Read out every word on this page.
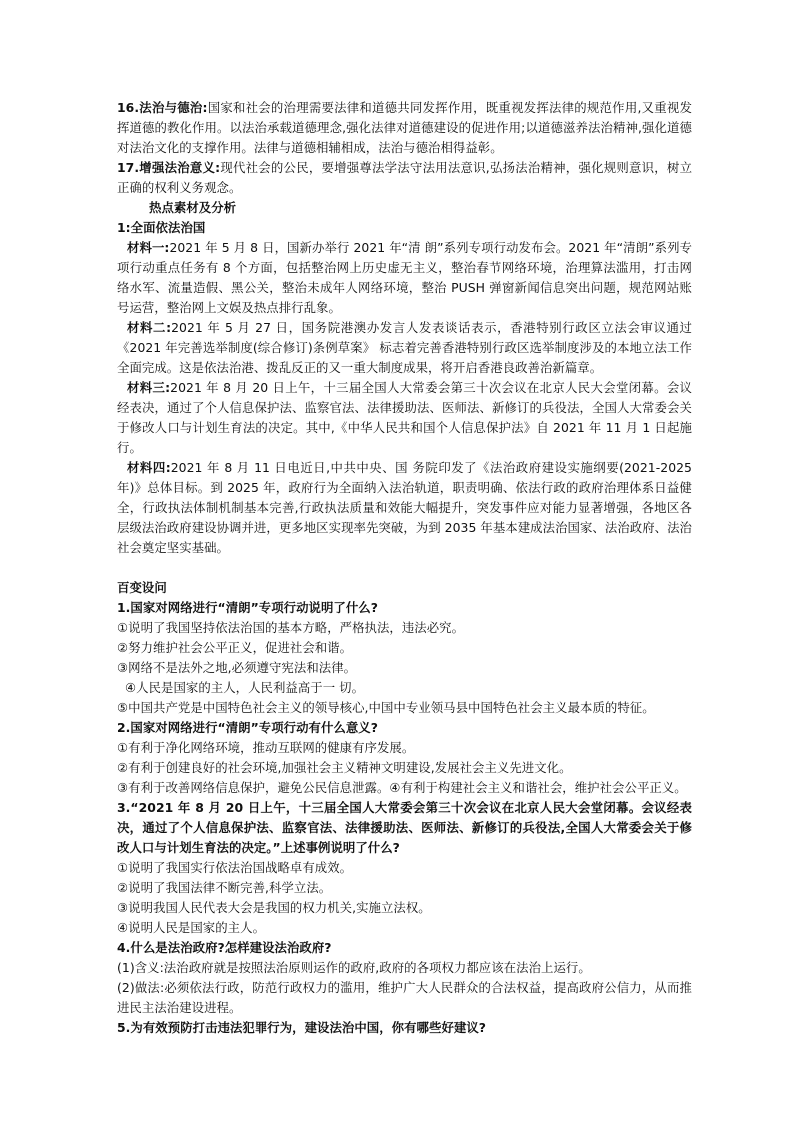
16.法治与德治:国家和社会的治理需要法律和道德共同发挥作用，既重视发挥法律的规范作用,又重视发挥道德的教化作用。以法治承载道德理念,强化法律对道德建设的促进作用;以道德滋养法治精神,强化道德对法治文化的支撑作用。法律与道德相辅相成，法治与德治相得益彰。

17.增强法治意义:现代社会的公民，要增强尊法学法守法用法意识,弘扬法治精神，强化规则意识，树立正确的权利义务观念。

热点素材及分析

1:全面依法治国

材料一:2021 年 5 月 8 日，国新办举行 2021 年“清 朗”系列专项行动发布会。2021 年“清朗”系列专项行动重点任务有 8 个方面，包括整治网上历史虚无主义，整治春节网络环境，治理算法滥用，打击网络水军、流量造假、黑公关，整治未成年人网络环境，整治 PUSH 弹窗新闻信息突出问题，规范网站账号运营，整治网上文娱及热点排行乱象。

材料二:2021 年 5 月 27 日，国务院港澳办发言人发表谈话表示，香港特别行政区立法会审议通过《2021 年完善选举制度(综合修订)条例草案》 标志着完善香港特别行政区选举制度涉及的本地立法工作全面完成。这是依法治港、拨乱反正的又一重大制度成果，将开启香港良政善治新篇章。

材料三:2021 年 8 月 20 日上午，十三届全国人大常委会第三十次会议在北京人民大会堂闭幕。会议经表决，通过了个人信息保护法、监察官法、法律援助法、医师法、新修订的兵役法，全国人大常委会关于修改人口与计划生育法的决定。其中,《中华人民共和国个人信息保护法》自 2021 年 11 月 1 日起施行。

材料四:2021 年 8 月 11 日电近日,中共中央、国 务院印发了《法治政府建设实施纲要(2021-2025 年)》总体目标。到 2025 年，政府行为全面纳入法治轨道，职责明确、依法行政的政府治理体系日益健全，行政执法体制机制基本完善,行政执法质量和效能大幅提升，突发事件应对能力显著增强，各地区各层级法治政府建设协调并进，更多地区实现率先突破，为到 2035 年基本建成法治国家、法治政府、法治社会奠定坚实基础。

百变设问

1.国家对网络进行“清朗”专项行动说明了什么?

①说明了我国坚持依法治国的基本方略，严格执法，违法必究。

②努力维护社会公平正义，促进社会和谐。

③网络不是法外之地,必须遵守宪法和法律。

④人民是国家的主人，人民利益高于一 切。

⑤中国共产党是中国特色社会主义的领导核心,中国中专业领马县中国特色社会主义最本质的特征。

2.国家对网络进行“清朗”专项行动有什么意义?

①有利于净化网络环境，推动互联网的健康有序发展。

②有利于创建良好的社会环境,加强社会主义精神文明建设,发展社会主义先进文化。

③有利于改善网络信息保护，避免公民信息泄露。④有利于构建社会主义和谐社会，维护社会公平正义。

3.“2021 年 8 月 20 日上午，十三届全国人大常委会第三十次会议在北京人民大会堂闭幕。会议经表决，通过了个人信息保护法、监察官法、法律援助法、医师法、新修订的兵役法,全国人大常委会关于修改人口与计划生育法的决定。”上述事例说明了什么?

①说明了我国实行依法治国战略卓有成效。

②说明了我国法律不断完善,科学立法。

③说明我国人民代表大会是我国的权力机关,实施立法权。

④说明人民是国家的主人。

4.什么是法治政府?怎样建设法治政府?

(1)含义:法治政府就是按照法治原则运作的政府,政府的各项权力都应该在法治上运行。

(2)做法:必须依法行政，防范行政权力的滥用，维护广大人民群众的合法权益，提高政府公信力，从而推进民主法治建设进程。

5.为有效预防打击违法犯罪行为，建设法治中国，你有哪些好建议?
